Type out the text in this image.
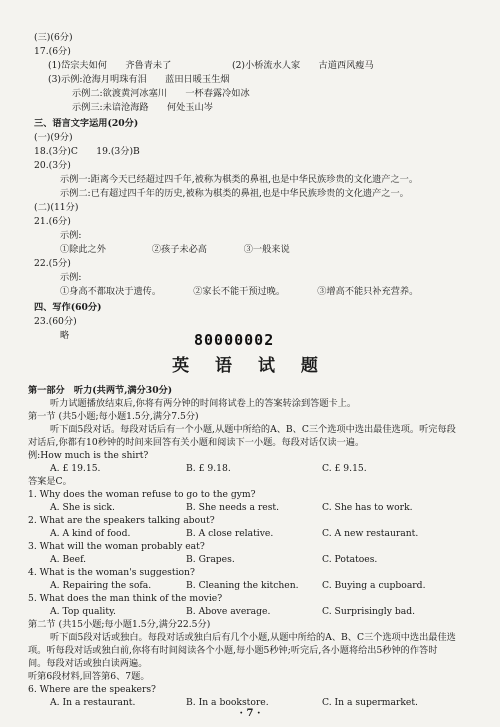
(三)(6分)
17.(6分)
(1)岱宗夫如何　　齐鲁青未了	(2)小桥流水人家　　古道西风瘦马
(3)示例:沧海月明珠有泪　　蓝田日暖玉生烟
示例二:欲渡黄河冰塞川　　一杯春露冷如冰
示例三:未谙沧海路　　何处玉山岑
三、语言文字运用(20分)
(一)(9分)
18.(3分)C　　19.(3分)B
20.(3分)
示例一:距离今天已经超过四千年,被称为棋类的鼻祖,也是中华民族珍贵的文化遗产之一。
示例二:已有超过四千年的历史,被称为棋类的鼻祖,也是中华民族珍贵的文化遗产之一。
(二)(11分)
21.(6分)
示例:
①除此之外　　　　　②孩子未必高　　　　③一般来说
22.(5分)
示例:
①身高不都取决于遗传。　　　　②家长不能干预过晚。　　　　③增高不能只补充营养。
四、写作(60分)
23.(60分)
略
第一部分　听力(共两节,满分30分)
听力试题播放结束后,你将有两分钟的时间将试卷上的答案转涂到答题卡上。
第一节 (共5小题;每小题1.5分,满分7.5分)
听下面5段对话。每段对话后有一个小题,从题中所给的A、B、C三个选项中选出最佳选项。听完每段
对话后,你都有10秒钟的时间来回答有关小题和阅读下一小题。每段对话仅读一遍。
例:How much is the shirt?
A. £ 19.15.	B. £ 9.18.	C. £ 9.15.
答案是C。
1. Why does the woman refuse to go to the gym?
A. She is sick.	B. She needs a rest.	C. She has to work.
2. What are the speakers talking about?
A. A kind of food.	B. A close relative.	C. A new restaurant.
3. What will the woman probably eat?
A. Beef.	B. Grapes.	C. Potatoes.
4. What is the woman's suggestion?
A. Repairing the sofa.	B. Cleaning the kitchen.	C. Buying a cupboard.
5. What does the man think of the movie?
A. Top quality.	B. Above average.	C. Surprisingly bad.
第二节 (共15小题;每小题1.5分,满分22.5分)
听下面5段对话或独白。每段对话或独白后有几个小题,从题中所给的A、B、C三个选项中选出最佳选
项。听每段对话或独白前,你将有时间阅读各个小题,每小题5秒钟;听完后,各小题将给出5秒钟的作答时
间。每段对话或独白读两遍。
听第6段材料,回答第6、7题。
6. Where are the speakers?
A. In a restaurant.	B. In a bookstore.	C. In a supermarket.
80000002
英 语 试 题
· 7 ·
